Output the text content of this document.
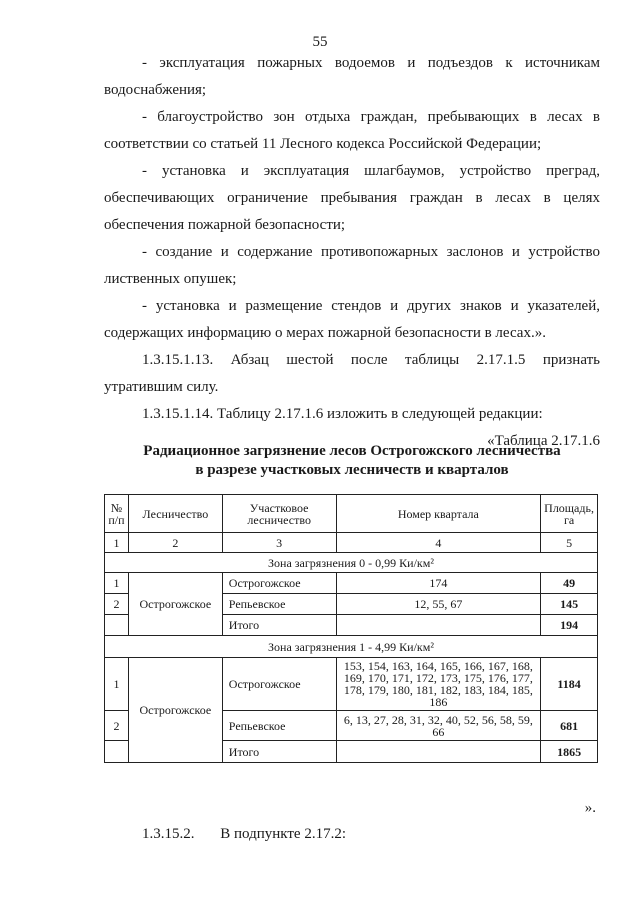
55

- эксплуатация пожарных водоемов и подъездов к источникам

водоснабжения;

- благоустройство зон отдыха граждан, пребывающих в лесах в

соответствии со статьей 11 Лесного кодекса Российской Федерации;

- установка и эксплуатация шлагбаумов, устройство преград,

обеспечивающих ограничение пребывания граждан в лесах в целях

обеспечения пожарной безопасности;

- создание и содержание противопожарных заслонов и устройство

лиственных опушек;

- установка и размещение стендов и других знаков и указателей,

содержащих информацию о мерах пожарной безопасности в лесах.».

1.3.15.1.13. Абзац шестой после таблицы 2.17.1.5 признать

утратившим силу.

1.3.15.1.14. Таблицу 2.17.1.6 изложить в следующей редакции:

«Таблица 2.17.1.6

Радиационное загрязнение лесов Острогожского лесничества
в разрезе участковых лесничеств и кварталов
№ п/п	Лесничество	Участковое лесничество	Номер квартала	Площадь, га
1	2	3	4	5
Зона загрязнения 0 - 0,99 Ки/км²				
1	Острогожское	Острогожское	174	49
2		Репьевское	12, 55, 67	145
		Итого		194
Зона загрязнения 1 - 4,99 Ки/км²				
1	Острогожское	Острогожское	153, 154, 163, 164, 165, 166, 167, 168, 169, 170, 171, 172, 173, 175, 176, 177, 178, 179, 180, 181, 182, 183, 184, 185, 186	1184
2		Репьевское	6, 13, 27, 28, 31, 32, 40, 52, 56, 58, 59, 66	681
		Итого		1865
».
1.3.15.2. В подпункте 2.17.2:
